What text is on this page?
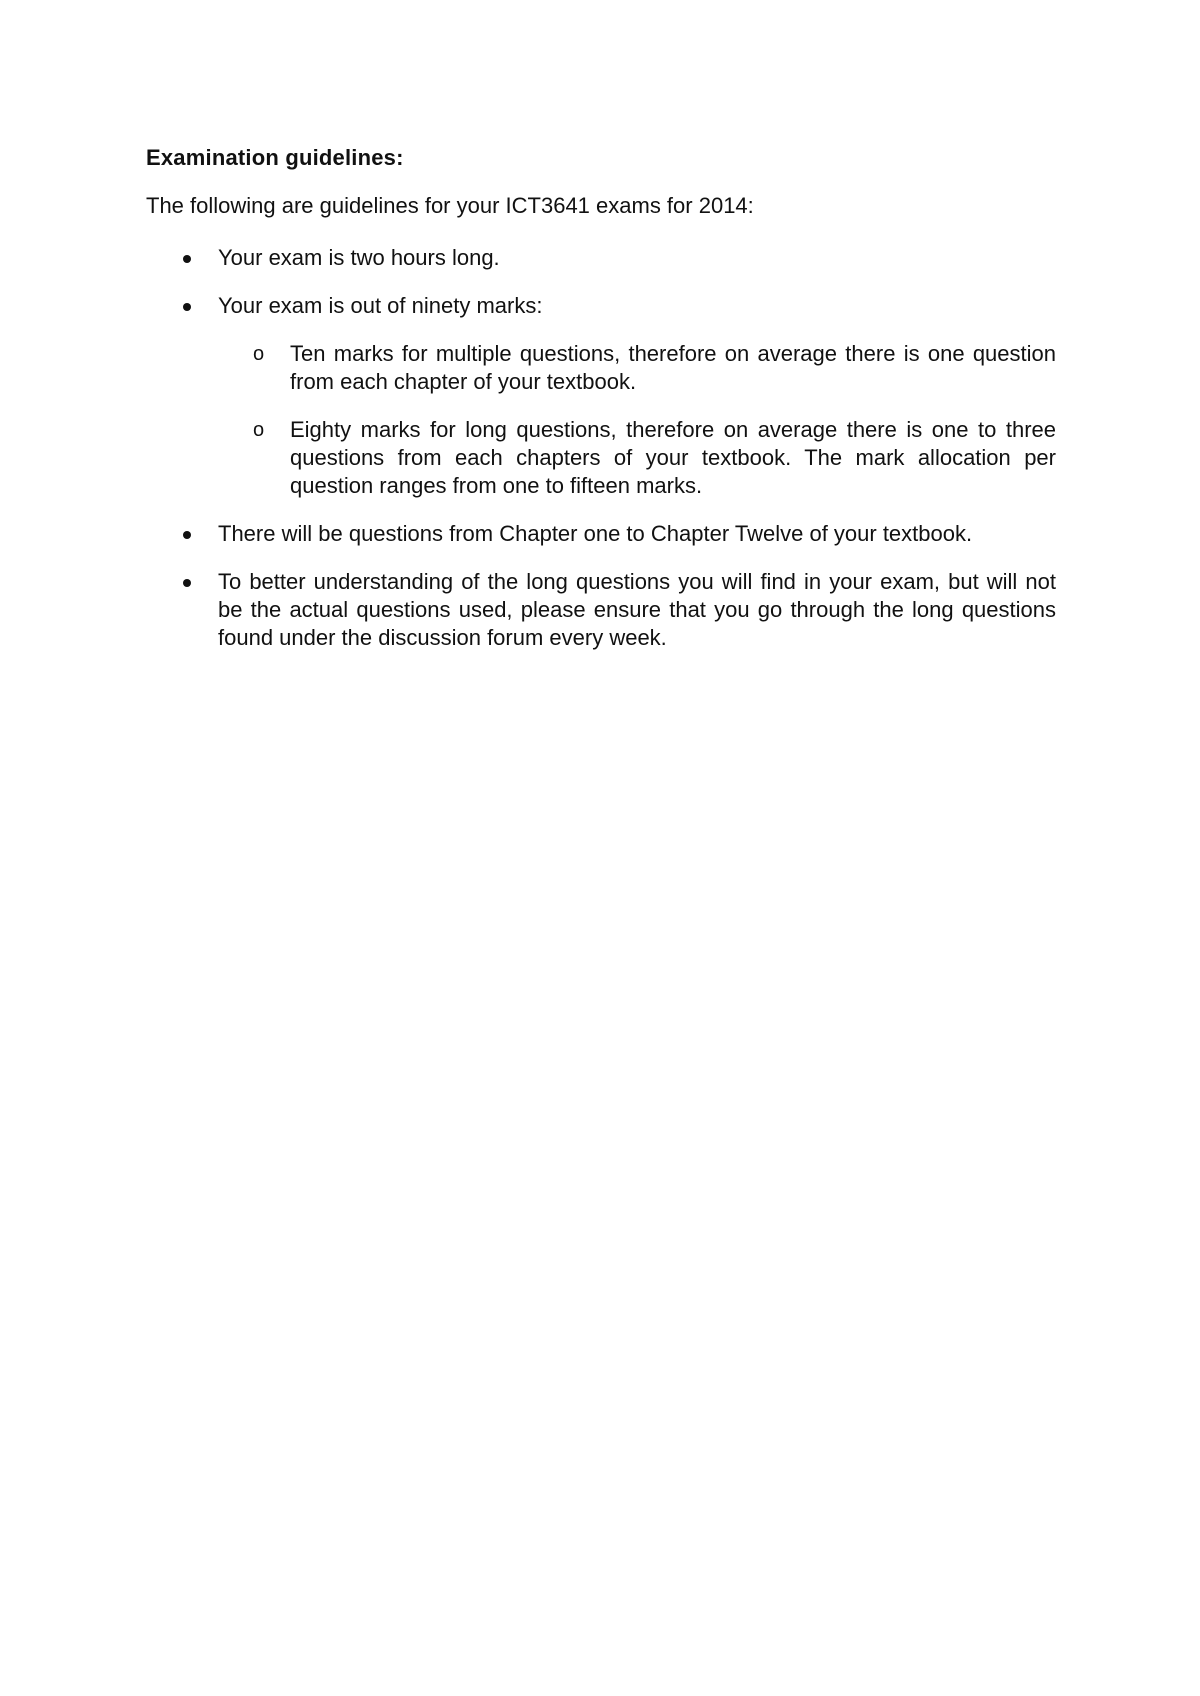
Examination guidelines:

The following are guidelines for your ICT3641 exams for 2014:

Your exam is two hours long.
Your exam is out of ninety marks:
o Ten marks for multiple questions, therefore on average there is one question from each chapter of your textbook.
o Eighty marks for long questions, therefore on average there is one to three questions from each chapters of your textbook. The mark allocation per question ranges from one to fifteen marks.
There will be questions from Chapter one to Chapter Twelve of your textbook.
To better understanding of the long questions you will find in your exam, but will not be the actual questions used, please ensure that you go through the long questions found under the discussion forum every week.
